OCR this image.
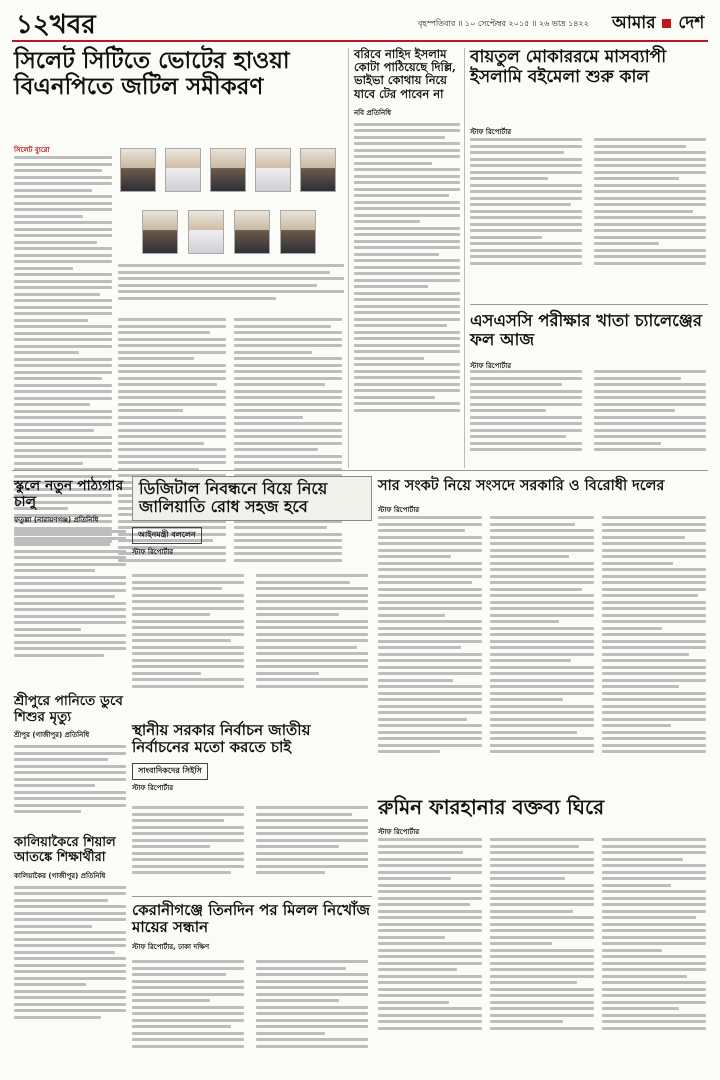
১২খবর	বৃহস্পতিবার ॥ ১০ সেপ্টেম্বর ২০১৫ ॥ ২৬ ভাদ্র ১৪২২ আমার দেশ
সিলেট সিটিতে ভোটের হাওয়া বিএনপিতে জটিল সমীকরণ
সিলেট ব্যুরো
বরিবে নাহিদ ইসলাম কোটা পাঠিয়েছে দিল্লি, ভাইভা কোথায় নিয়ে যাবে টের পাবেন না
নবি প্রতিনিধি
বায়তুল মোকাররমে মাসব্যাপী ইসলামি বইমেলা শুরু কাল
স্টাফ রিপোর্টার
এসএসসি পরীক্ষার খাতা চ্যালেঞ্জের ফল আজ
স্টাফ রিপোর্টার
স্কুলে নতুন পাঠ্যগার চালু
ফতুল্লা (নারায়ণগঞ্জ) প্রতিনিধি
ডিজিটাল নিবন্ধনে বিয়ে নিয়ে জালিয়াতি রোধ সহজ হবে
আইনমন্ত্রী বললেন
স্টাফ রিপোর্টার
সার সংকট নিয়ে সংসদে সরকারি ও বিরোধী দলের
স্টাফ রিপোর্টার
শ্রীপুরে পানিতে ডুবে শিশুর মৃত্যু
শ্রীপুর (গাজীপুর) প্রতিনিধি	স্থানীয় সরকার নির্বাচন জাতীয় নির্বাচনের মতো করতে চাই
সাংবাদিকদের সিইসি
স্টাফ রিপোর্টার
কালিয়াকৈরে শিয়াল আতঙ্কে শিক্ষার্থীরা
কালিয়াকৈর (গাজীপুর) প্রতিনিধি
রুমিন ফারহানার বক্তব্য ঘিরে
স্টাফ রিপোর্টার
কেরানীগঞ্জে তিনদিন পর মিলল নিখোঁজ মায়ের সন্ধান
স্টাফ রিপোর্টার, ঢাকা দক্ষিণ
